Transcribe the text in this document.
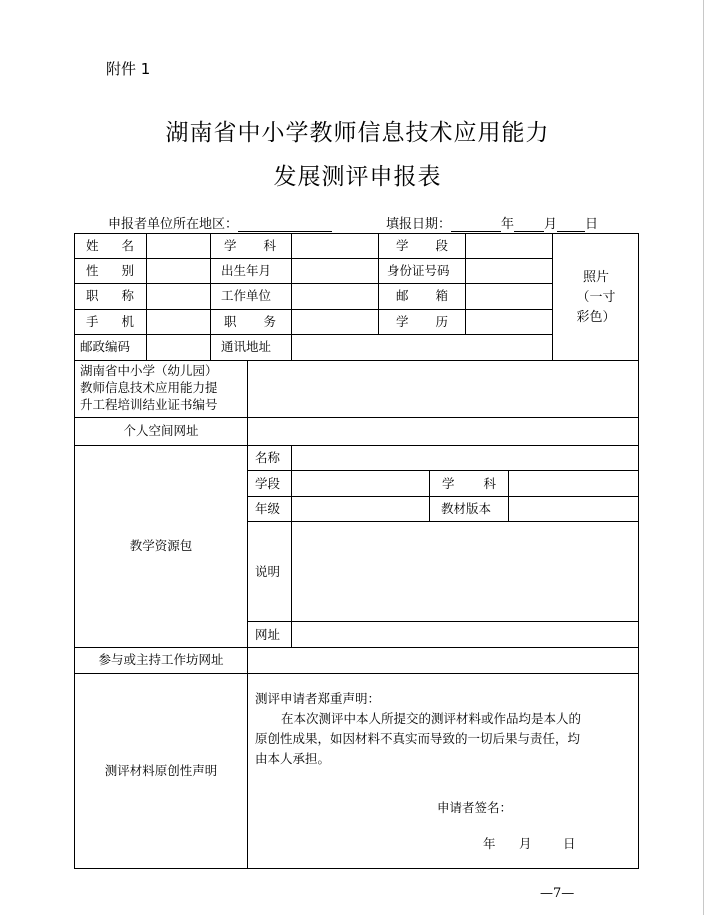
附件 1
湖南省中小学教师信息技术应用能力
发展测评申报表
申报者单位所在地区：	填报日期：	年 月 日
姓 名	学 科	学 段
性 别	出生年月	身份证号码
职 称	工作单位	邮 箱
手 机	职 务	学 历
邮政编码	通讯地址
照片
（一寸
彩色）
湖南省中小学（幼儿园）
教师信息技术应用能力提
升工程培训结业证书编号
个人空间网址
教学资源包
名称
学段	学 科
年级	教材版本
说明
网址
参与或主持工作坊网址
测评材料原创性声明
测评申请者郑重声明：
在本次测评中本人所提交的测评材料或作品均是本人的
原创性成果，如因材料不真实而导致的一切后果与责任，均
由本人承担。
申请者签名：
年 月	日
—7—
